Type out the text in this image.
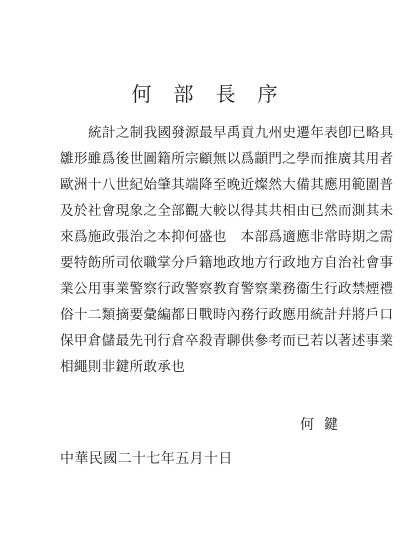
何部長序
統計之制我國發源最早禹貢九州史遷年表卽已略具
雛形雖爲後世圖籍所宗顧無以爲顓門之學而推廣其用者
歐洲十八世紀始肇其端降至晚近燦然大備其應用範圍普
及於社會現象之全部觀大較以得其共相由已然而測其未
來爲施政張治之本抑何盛也　本部爲適應非常時期之需
要特飭所司依職掌分戶籍地政地方行政地方自治社會事
業公用事業警察行政警察教育警察業務衞生行政禁煙禮
俗十二類摘要彙編都日戰時內務行政應用統計幷將戶口
保甲倉儲最先刊行倉卒殺青聊供參考而已若以著述事業
相繩則非鍵所敢承也
何鍵
中華民國二十七年五月十日
